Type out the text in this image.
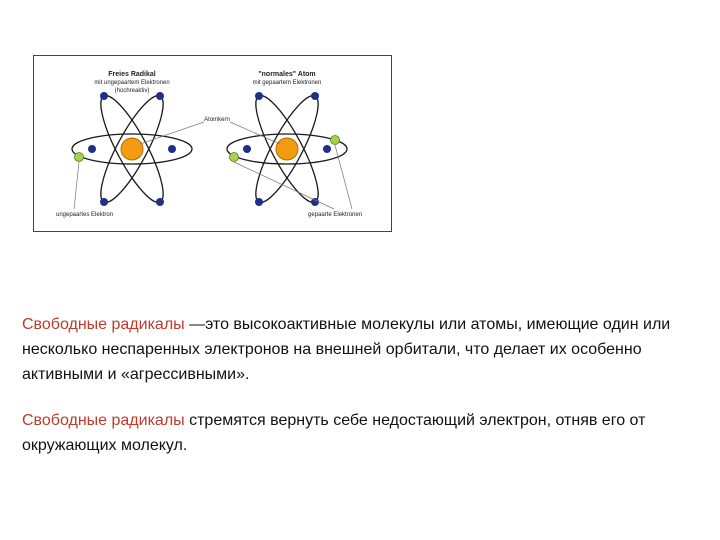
Freies Radikal
mit ungepaartem Elektronen
(hochreaktiv)
"normales" Atom
mit gepaartem Elektronen
Atomkern
ungepaartes Elektron	gepaarte Elektronen
Свободные радикалы —это высокоактивные молекулы или атомы, имеющие один или несколько неспаренных электронов на внешней орбитали, что делает их особенно активными и «агрессивными».
Свободные радикалы стремятся вернуть себе недостающий электрон, отняв его от окружающих молекул.
